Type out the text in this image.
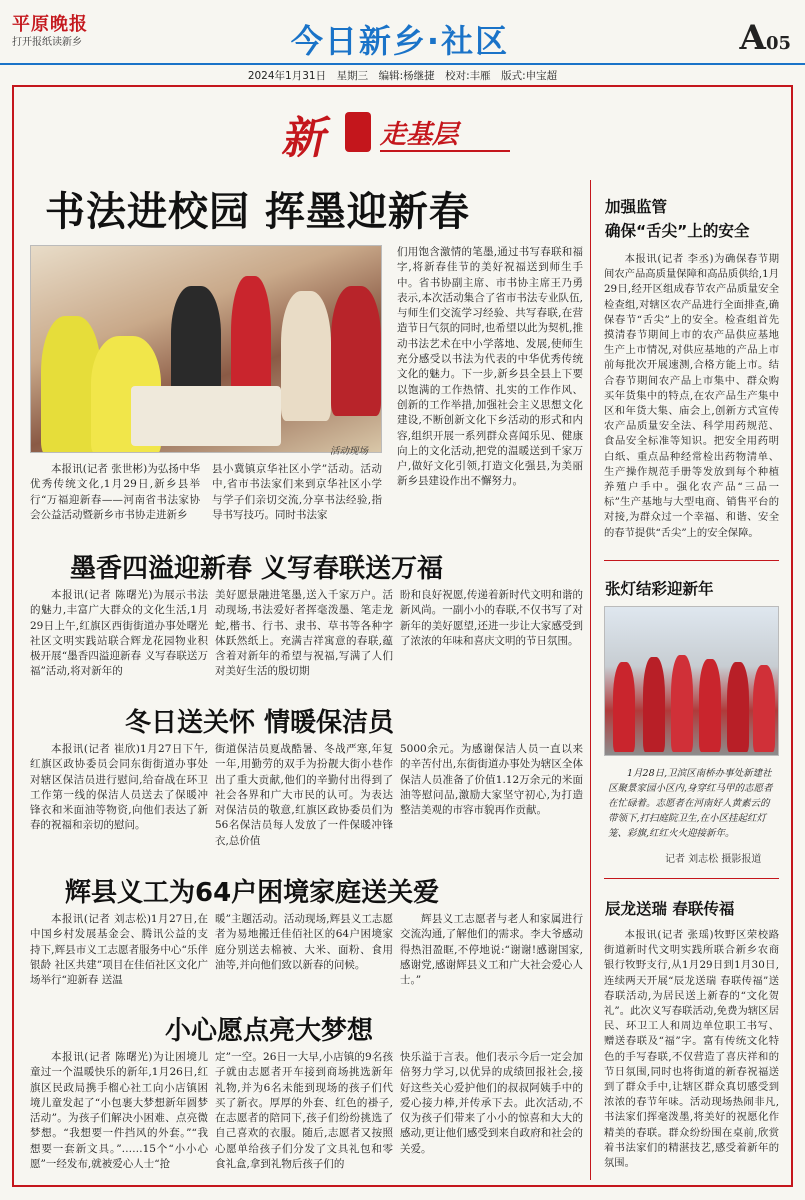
平原晚报
打开报纸读新乡	今日新乡·社区	A05
2024年1月31日　星期三　编辑:杨继捷　校对:丰雁　版式:申宝超
新 走基层
书法进校园 挥墨迎新春
活动现场

本报讯(记者 张世彬)为弘扬中华优秀传统文化,1月29日,新乡县举行“万福迎新春——河南省书法家协会公益活动暨新乡市书协走进新乡

县小冀镇京华社区小学”活动。活动中,省市书法家们来到京华社区小学与学子们亲切交流,分享书法经验,指导书写技巧。同时书法家

们用饱含激情的笔墨,通过书写春联和福字,将新春佳节的美好祝福送到师生手中。省书协副主席、市书协主席王乃勇表示,本次活动集合了省市书法专业队伍,与师生们交流学习经验、共写春联,在营造节日气氛的同时,也希望以此为契机,推动书法艺术在中小学落地、发展,使师生充分感受以书法为代表的中华优秀传统文化的魅力。下一步,新乡县全县上下要以饱满的工作热情、扎实的工作作风、创新的工作举措,加强社会主义思想文化建设,不断创新文化下乡活动的形式和内容,组织开展一系列群众喜闻乐见、健康向上的文化活动,把党的温暖送到千家万户,做好文化引领,打造文化强县,为美丽新乡县建设作出不懈努力。

墨香四溢迎新春 义写春联送万福

本报讯(记者 陈曙光)为展示书法的魅力,丰富广大群众的文化生活,1月29日上午,红旗区西街街道办事处曙光社区文明实践站联合辉龙花园物业积极开展“墨香四溢迎新春 义写春联送万福”活动,将对新年的

美好愿景融进笔墨,送入千家万户。活动现场,书法爱好者挥毫泼墨、笔走龙蛇,楷书、行书、隶书、草书等各种字体跃然纸上。充满吉祥寓意的春联,蕴含着对新年的希望与祝福,写满了人们对美好生活的殷切期

盼和良好祝愿,传递着新时代文明和谐的新风尚。一副小小的春联,不仅书写了对新年的美好愿望,还进一步让大家感受到了浓浓的年味和喜庆文明的节日氛围。

冬日送关怀 情暖保洁员

本报讯(记者 崔欣)1月27日下午,红旗区政协委员会同东街街道办事处对辖区保洁员进行慰问,给奋战在环卫工作第一线的保洁人员送去了保暖冲锋衣和米面油等物资,向他们表达了新春的祝福和亲切的慰问。

街道保洁员夏战酷暑、冬战严寒,年复一年,用勤劳的双手为扮靓大街小巷作出了重大贡献,他们的辛勤付出得到了社会各界和广大市民的认可。为表达对保洁员的敬意,红旗区政协委员们为56名保洁员每人发放了一件保暖冲锋衣,总价值

5000余元。为感谢保洁人员一直以来的辛苦付出,东街街道办事处为辖区全体保洁人员准备了价值1.12万余元的米面油等慰问品,激励大家坚守初心,为打造整洁美观的市容市貌再作贡献。

辉县义工为64户困境家庭送关爱

本报讯(记者 刘志松)1月27日,在中国乡村发展基金会、腾讯公益的支持下,辉县市义工志愿者服务中心“乐伴银龄 社区共建”项目在佳佰社区文化广场举行“迎新春 送温

暖”主题活动。活动现场,辉县义工志愿者为易地搬迁佳佰社区的64户困境家庭分别送去棉被、大米、面粉、食用油等,并向他们致以新春的问候。

辉县义工志愿者与老人和家属进行交流沟通,了解他们的需求。李大爷感动得热泪盈眶,不停地说:“谢谢!感谢国家,感谢党,感谢辉县义工和广大社会爱心人士。”

小心愿点亮大梦想

本报讯(记者 陈曙光)为让困境儿童过一个温暖快乐的新年,1月26日,红旗区民政局携手榴心社工向小店镇困境儿童发起了“小包裹大梦想新年圆梦活动”。为孩子们解决小困难、点亮微梦想。“我想要一件挡风的外套。”“我想要一套新文具。”……15个“小小心愿”一经发布,就被爱心人士“抢

定”一空。26日一大早,小店镇的9名孩子就由志愿者开车接到商场挑选新年礼物,并为6名未能到现场的孩子们代买了新衣。厚厚的外套、红色的褂子,在志愿者的陪同下,孩子们纷纷挑选了自己喜欢的衣服。随后,志愿者又按照心愿单给孩子们分发了文具礼包和零食礼盒,拿到礼物后孩子们的

快乐溢于言表。他们表示今后一定会加倍努力学习,以优异的成绩回报社会,接好这些关心爱护他们的叔叔阿姨手中的爱心接力棒,并传承下去。此次活动,不仅为孩子们带来了小小的惊喜和大大的感动,更让他们感受到来自政府和社会的关爱。

加强监管
确保“舌尖”上的安全

本报讯(记者 李丞)为确保春节期间农产品高质量保障和高品质供给,1月29日,经开区组成春节农产品质量安全检查组,对辖区农产品进行全面排查,确保春节“舌尖”上的安全。检查组首先摸清春节期间上市的农产品供应基地生产上市情况,对供应基地的产品上市前每批次开展速测,合格方能上市。结合春节期间农产品上市集中、群众购买年货集中的特点,在农产品生产集中区和年货大集、庙会上,创新方式宣传农产品质量安全法、科学用药规范、食品安全标准等知识。把安全用药明白纸、重点品种经常检出药物清单、生产操作规范手册等发放到每个种植养殖户手中。强化农产品“三品一标”生产基地与大型电商、销售平台的对接,为群众过一个幸福、和谐、安全的春节提供“舌尖”上的安全保障。

张灯结彩迎新年
1月28日,卫滨区南桥办事处新建社区聚景家园小区内,身穿红马甲的志愿者在忙碌着。志愿者在河南好人黄素云的带领下,打扫庭院卫生,在小区挂起红灯笼、彩旗,红红火火迎接新年。
记者 刘志松 摄影报道
辰龙送瑞 春联传福

本报讯(记者 张瑶)牧野区荣校路街道新时代文明实践所联合新乡农商银行牧野支行,从1月29日到1月30日,连续两天开展“辰龙送瑞 春联传福”送春联活动,为居民送上新春的“文化贺礼”。此次义写春联活动,免费为辖区居民、环卫工人和周边单位职工书写、赠送春联及“福”字。富有传统文化特色的手写春联,不仅营造了喜庆祥和的节日氛围,同时也将街道的新春祝福送到了群众手中,让辖区群众真切感受到浓浓的春节年味。活动现场热闹非凡,书法家们挥毫泼墨,将美好的祝愿化作精美的春联。群众纷纷围在桌前,欣赏着书法家们的精湛技艺,感受着新年的氛围。
